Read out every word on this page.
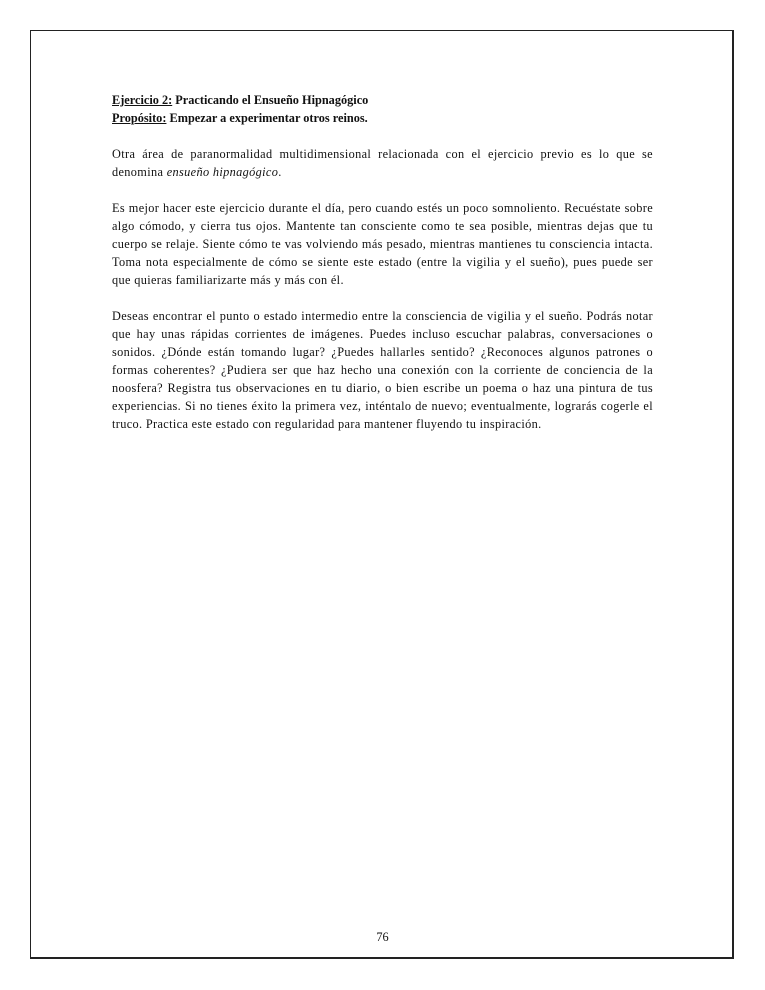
Ejercicio 2: Practicando el Ensueño Hipnagógico

Propósito: Empezar a experimentar otros reinos.

Otra área de paranormalidad multidimensional relacionada con el ejercicio previo es lo que se denomina ensueño hipnagógico.

Es mejor hacer este ejercicio durante el día, pero cuando estés un poco somnoliento. Recuéstate sobre algo cómodo, y cierra tus ojos. Mantente tan consciente como te sea posible, mientras dejas que tu cuerpo se relaje. Siente cómo te vas volviendo más pesado, mientras mantienes tu consciencia intacta. Toma nota especialmente de cómo se siente este estado (entre la vigilia y el sueño), pues puede ser que quieras familiarizarte más y más con él.

Deseas encontrar el punto o estado intermedio entre la consciencia de vigilia y el sueño. Podrás notar que hay unas rápidas corrientes de imágenes. Puedes incluso escuchar palabras, conversaciones o sonidos. ¿Dónde están tomando lugar? ¿Puedes hallarles sentido? ¿Reconoces algunos patrones o formas coherentes? ¿Pudiera ser que haz hecho una conexión con la corriente de conciencia de la noosfera? Registra tus observaciones en tu diario, o bien escribe un poema o haz una pintura de tus experiencias. Si no tienes éxito la primera vez, inténtalo de nuevo; eventualmente, lograrás cogerle el truco. Practica este estado con regularidad para mantener fluyendo tu inspiración.

76
